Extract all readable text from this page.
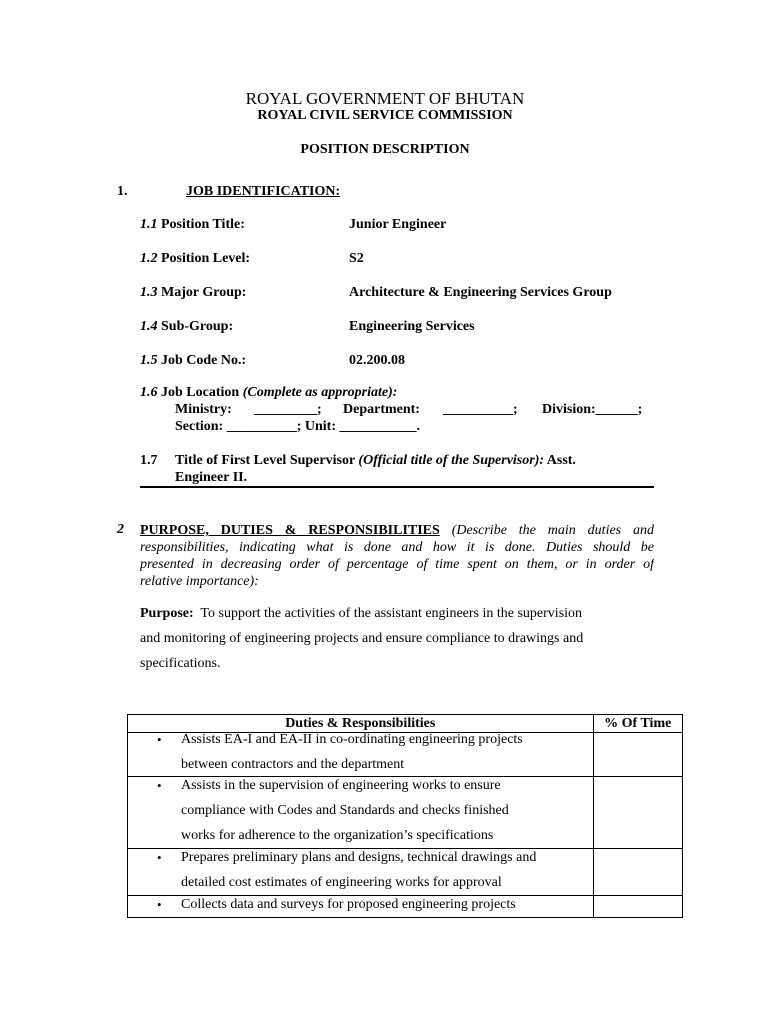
ROYAL GOVERNMENT OF BHUTAN
ROYAL CIVIL SERVICE COMMISSION
POSITION DESCRIPTION
1.	JOB IDENTIFICATION:
1.1 Position Title:	Junior Engineer
1.2 Position Level:	S2
1.3 Major Group:	Architecture & Engineering Services Group
1.4 Sub-Group:	Engineering Services
1.5 Job Code No.:	02.200.08
1.6 Job Location (Complete as appropriate):
Ministry: _________; Department: __________; Division:______;
Section: __________; Unit: ___________.
1.7 Title of First Level Supervisor (Official title of the Supervisor): Asst.
Engineer II.
2 PURPOSE, DUTIES & RESPONSIBILITIES (Describe the main duties and
responsibilities, indicating what is done and how it is done. Duties should be
presented in decreasing order of percentage of time spent on them, or in order of
relative importance):
Purpose: To support the activities of the assistant engineers in the supervision
and monitoring of engineering projects and ensure compliance to drawings and
specifications.
Duties & Responsibilities	% Of Time

• Assists EA-I and EA-II in co-ordinating engineering projects
between contractors and the department	

• Assists in the supervision of engineering works to ensure
compliance with Codes and Standards and checks finished
works for adherence to the organization’s specifications	

• Prepares preliminary plans and designs, technical drawings and
detailed cost estimates of engineering works for approval	

• Collects data and surveys for proposed engineering projects	
